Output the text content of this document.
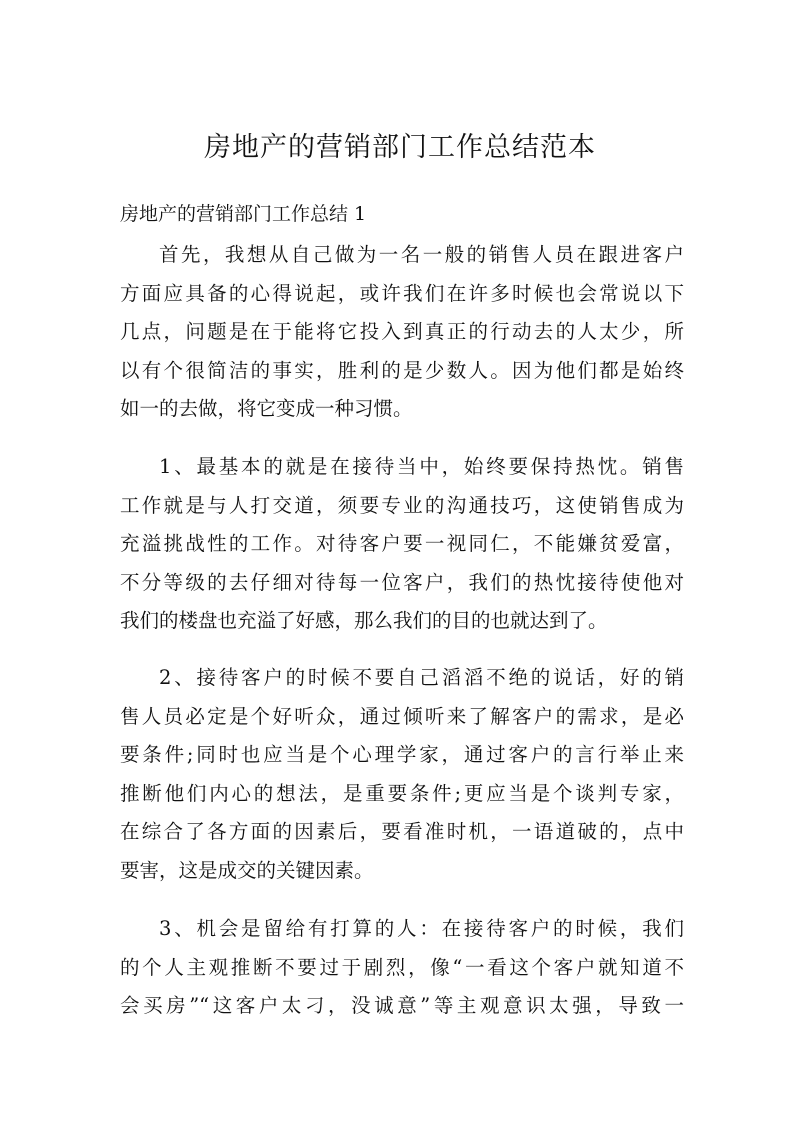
房地产的营销部门工作总结范本
房地产的营销部门工作总结 1

首先，我想从自己做为一名一般的销售人员在跟进客户
方面应具备的心得说起，或许我们在许多时候也会常说以下
几点，问题是在于能将它投入到真正的行动去的人太少，所
以有个很简洁的事实，胜利的是少数人。因为他们都是始终
如一的去做，将它变成一种习惯。

1、最基本的就是在接待当中，始终要保持热忱。销售
工作就是与人打交道，须要专业的沟通技巧，这使销售成为
充溢挑战性的工作。对待客户要一视同仁，不能嫌贫爱富，
不分等级的去仔细对待每一位客户，我们的热忱接待使他对
我们的楼盘也充溢了好感，那么我们的目的也就达到了。

2、接待客户的时候不要自己滔滔不绝的说话，好的销
售人员必定是个好听众，通过倾听来了解客户的需求，是必
要条件;同时也应当是个心理学家，通过客户的言行举止来
推断他们内心的想法，是重要条件;更应当是个谈判专家，
在综合了各方面的因素后，要看准时机，一语道破的，点中
要害，这是成交的关键因素。

3、机会是留给有打算的人：在接待客户的时候，我们
的个人主观推断不要过于剧烈，像“一看这个客户就知道不
会买房”“这客户太刁，没诚意”等主观意识太强，导致一
